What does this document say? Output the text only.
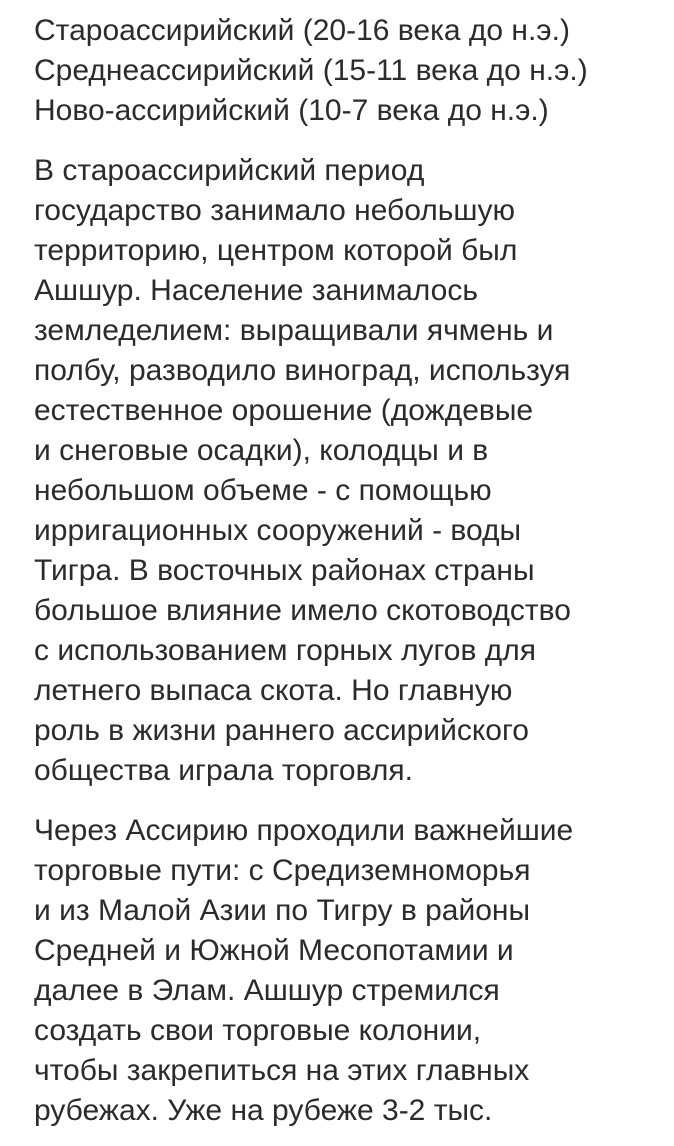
Староассирийский (20-16 века до н.э.)
Среднеассирийский (15-11 века до н.э.)
Ново-ассирийский (10-7 века до н.э.)
В староассирийский период
государство занимало небольшую
территорию, центром которой был
Ашшур. Население занималось
земледелием: выращивали ячмень и
полбу, разводило виноград, используя
естественное орошение (дождевые
и снеговые осадки), колодцы и в
небольшом объеме - с помощью
ирригационных сооружений - воды
Тигра. В восточных районах страны
большое влияние имело скотоводство
с использованием горных лугов для
летнего выпаса скота. Но главную
роль в жизни раннего ассирийского
общества играла торговля.
Через Ассирию проходили важнейшие
торговые пути: с Средиземноморья
и из Малой Азии по Тигру в районы
Средней и Южной Месопотамии и
далее в Элам. Ашшур стремился
создать свои торговые колонии,
чтобы закрепиться на этих главных
рубежах. Уже на рубеже 3-2 тыс.
